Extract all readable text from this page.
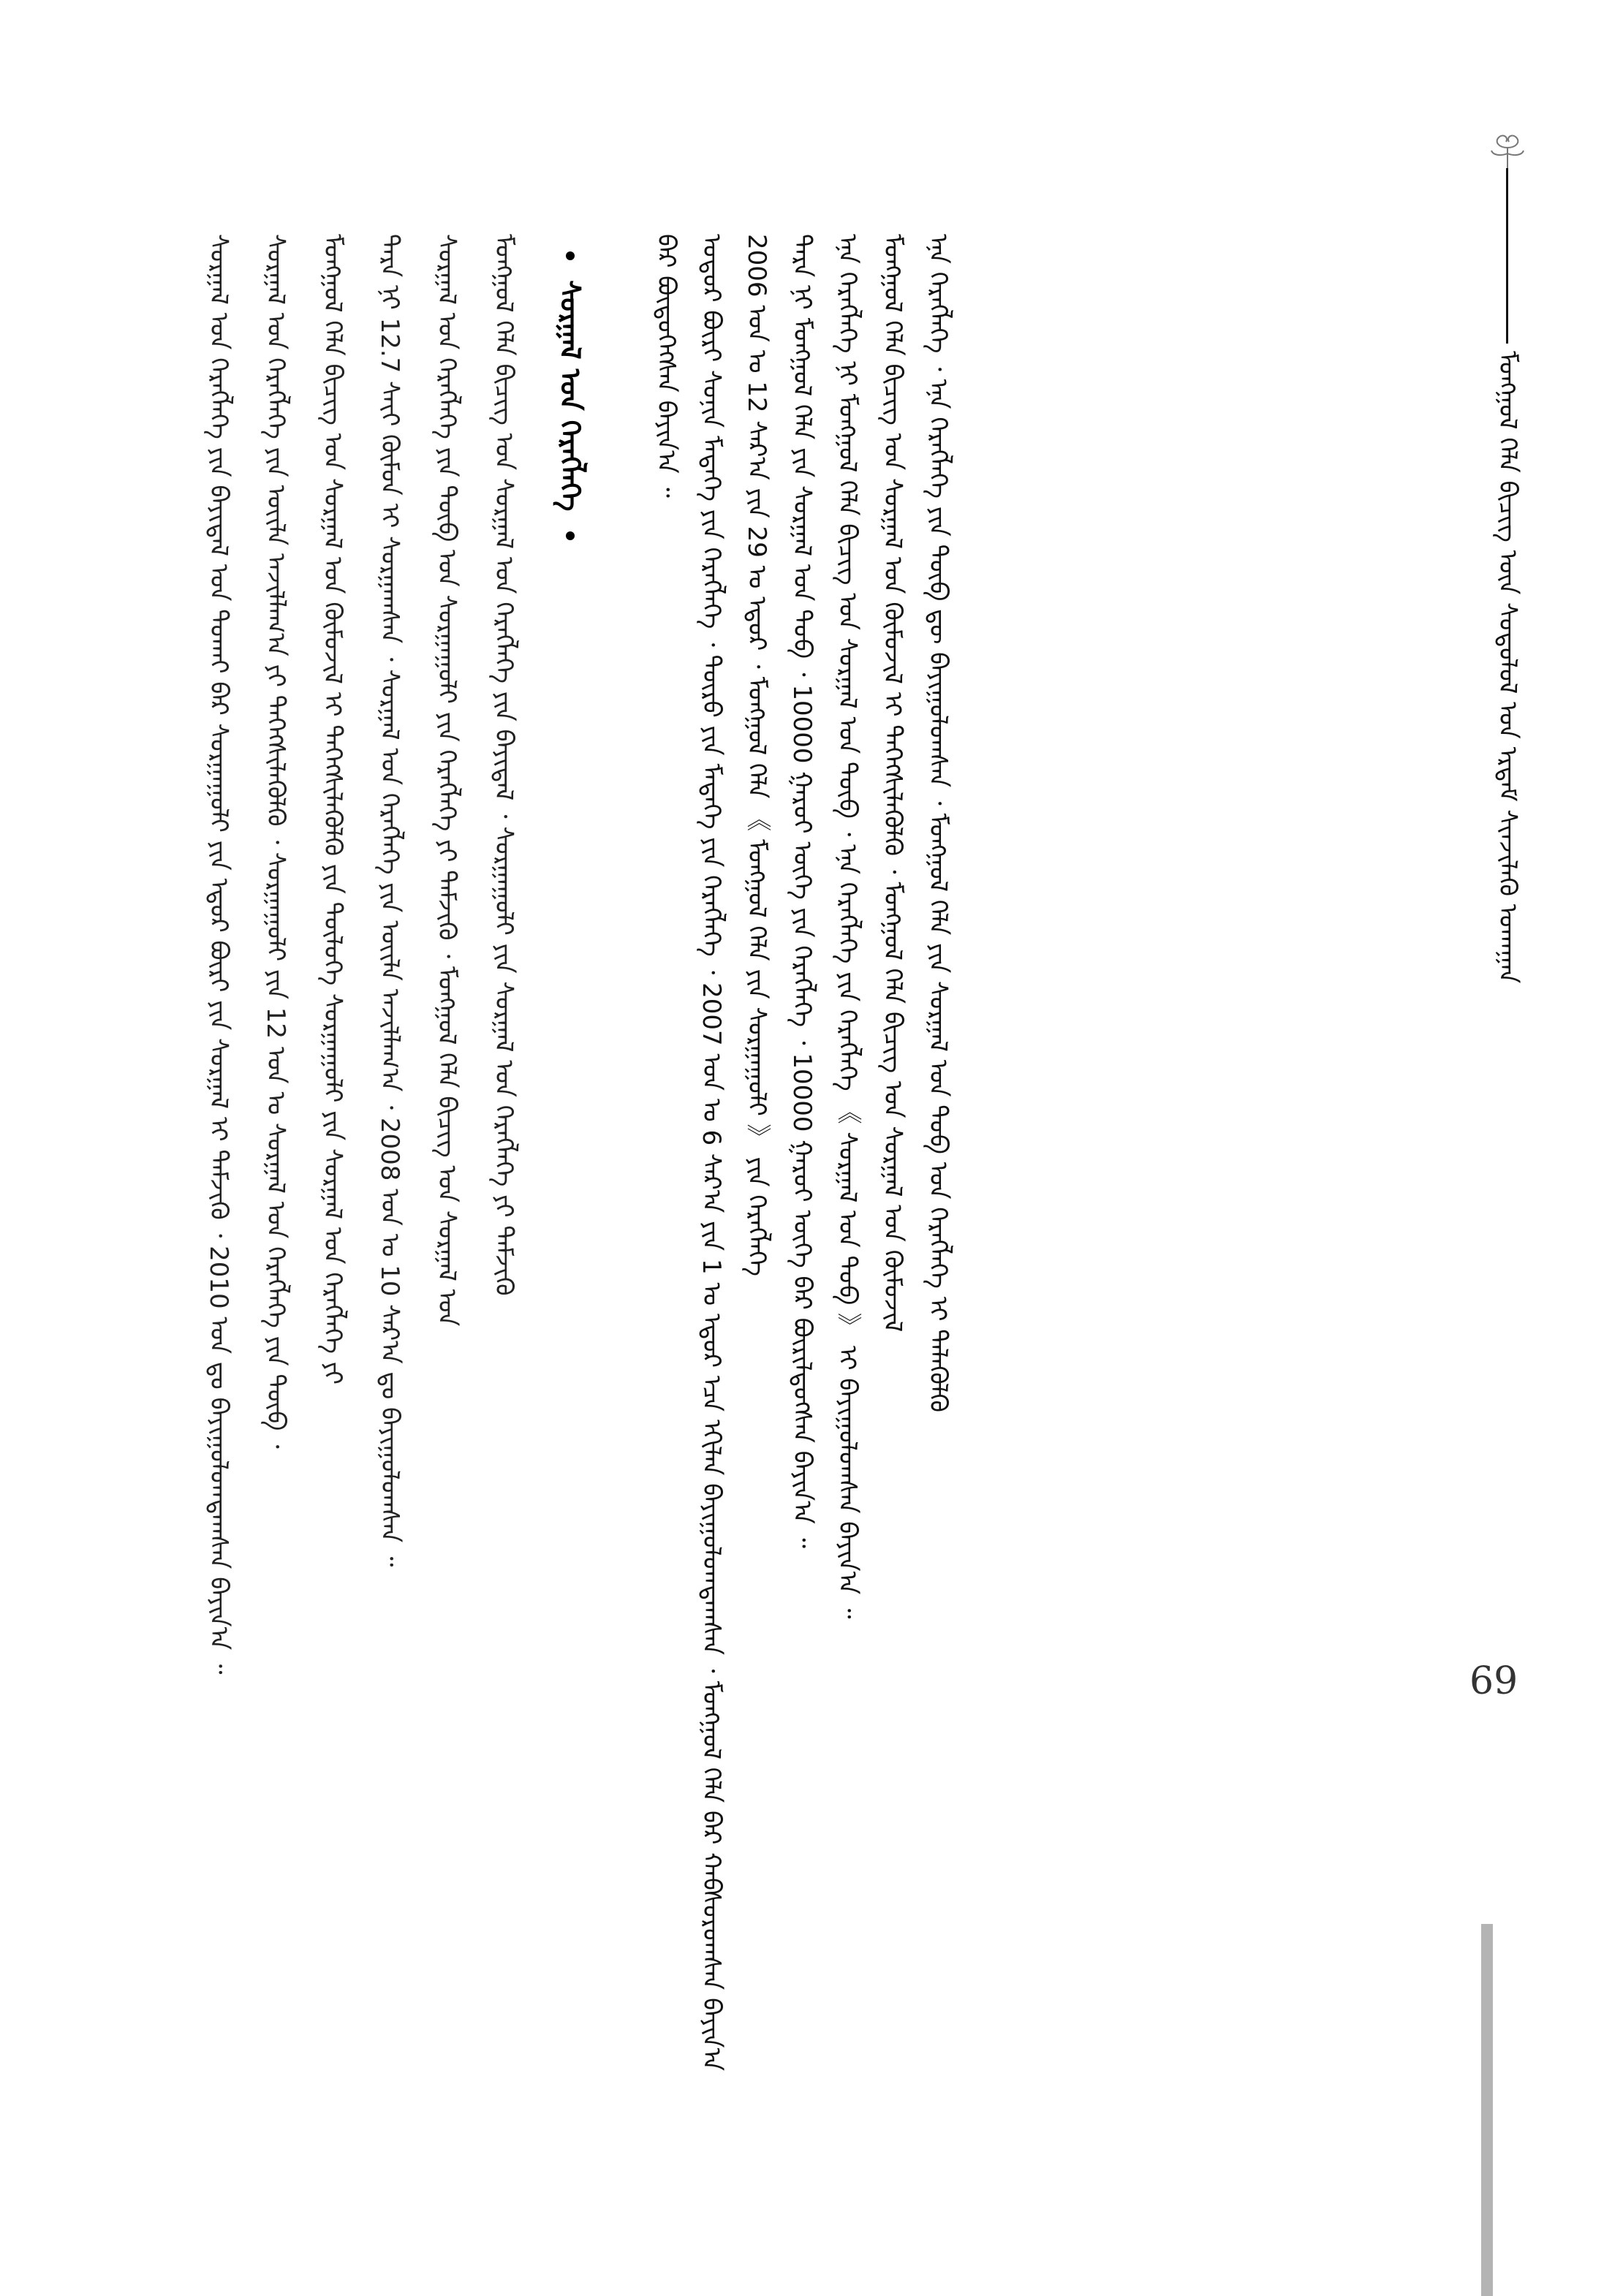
ᠮᠣᠩᠭᠣᠯ ᠬᠡᠯᠡ ᠪᠢᠴᠢᠭ ᠦᠨ ᠰᠤᠳᠤᠯᠤᠯ ᠤᠨ ᠡᠷᠳᠡᠮ ᠰᠢᠨᠵᠢᠯᠡᠬᠦ ᠤᠬᠠᠭᠠᠨ
ᠪᠠᠷ ᠪᠦᠲᠦᠭᠡᠭᠰᠡᠨ ᠪᠠᠶᠢᠨ᠎ᠠ ᠃ ᠤᠳᠤᠷ ᠪᠦᠷᠢ ᠰᠣᠨᠢᠨ ᠮᠡᠳᠡᠭᠡ ᠶᠢᠨ ᠬᠡᠷᠡᠭᠯᠡᠭᠡ ᠂ ᠲᠦᠷᠦ ᠶᠢᠨ ᠮᠡᠳᠡᠭᠡ ᠶᠢᠨ ᠬᠡᠷᠡᠭᠯᠡᠭᠡ ᠂ 2007 ᠣᠨ ᠤ 6 ᠰᠠᠷ᠎ᠠ ᠶᠢᠨ 1 ᠤ ᠡᠳᠦᠷ ᠡᠴᠡ ᠡᠬᠢᠯᠡᠨ ᠪᠠᠶᠢᠭᠤᠯᠤᠭᠳᠠᠭᠰᠠᠨ ᠂ ᠮᠣᠩᠭᠣᠯ ᠬᠡᠯᠡ ᠪᠡᠷ ᠬᠠᠪᠰᠤᠷᠤᠭᠰᠠᠨ ᠪᠠᠶᠢᠨ᠎ᠠ 2006 ᠣᠨ ᠤ 12 ᠰᠠᠷ᠎ᠠ ᠶᠢᠨ 29 ᠤ ᠡᠳᠦᠷ ᠂ ᠮᠣᠩᠭᠣᠯ ᠬᠡᠯᠡ 《 ᠮᠣᠩᠭᠣᠯ ᠬᠡᠯᠡ ᠶᠢᠨ ᠰᠤᠷᠭᠠᠭᠤᠯᠢ 》 ᠶᠢᠨ ᠬᠡᠷᠡᠭᠯᠡᠭᠡ ᠲᠡᠷᠡ ᠨᠢ ᠮᠣᠩᠭᠣᠯ ᠬᠡᠯᠡ ᠶᠢᠨ ᠰᠤᠷᠭᠠᠯ ᠤᠨ ᠲᠣᠪ ᠂ 10000 ᠭᠠᠷᠤᠢ ᠦᠭᠡ ᠶᠢᠨ ᠬᠡᠷᠡᠭᠯᠡᠭᠡ ᠂ 10000 ᠭᠠᠷᠤᠢ ᠦᠭᠡ ᠪᠠᠷ ᠪᠦᠷᠢᠯᠳᠦᠭᠰᠡᠨ ᠪᠠᠶᠢᠨ᠎ᠠ ᠃ ᠡᠨᠡ ᠬᠡᠷᠡᠭᠯᠡᠭᠡ ᠨᠢ ᠮᠣᠩᠭᠣᠯ ᠬᠡᠯᠡ ᠪᠢᠴᠢᠭ ᠤᠨ ᠰᠤᠷᠭᠠᠯ ᠤᠨ ᠲᠦᠪ ᠂ ᠡᠨᠡ ᠬᠡᠷᠡᠭᠯᠡᠭᠡ ᠶᠢᠨ ᠬᠡᠷᠡᠭᠯᠡᠭᠡ 《 ᠰᠤᠷᠭᠠᠯ ᠤᠨ ᠲᠣᠪ 》 ᠢ ᠪᠠᠶᠢᠭᠤᠯᠤᠭᠰᠠᠨ ᠪᠠᠶᠢᠨ᠎ᠠ ᠃ ᠮᠣᠩᠭᠣᠯ ᠬᠡᠯᠡ ᠪᠢᠴᠢᠭ ᠤᠨ ᠰᠤᠷᠭᠠᠯ ᠤᠨ ᠬᠦᠮᠦᠵᠢᠯ ᠢ ᠳᠡᠭᠡᠭᠰᠢᠯᠡᠭᠦᠯᠬᠦ ᠂ ᠮᠣᠩᠭᠣᠯ ᠬᠡᠯᠡ ᠪᠢᠴᠢᠭ ᠤᠨ ᠰᠤᠷᠭᠠᠯ ᠤᠨ ᠬᠦᠮᠦᠵᠢᠯ ᠡᠨᠡ ᠬᠡᠷᠡᠭᠯᠡᠭᠡ ᠂ ᠡᠨᠡ ᠬᠡᠷᠡᠭᠯᠡᠭᠡ ᠶᠢᠨ ᠲᠥᠪ ᠳᠦ ᠪᠠᠶᠢᠭᠤᠯᠤᠭᠰᠠᠨ ᠂ ᠮᠣᠩᠭᠣᠯ ᠬᠡᠯᠡ ᠶᠢᠨ ᠰᠤᠷᠭᠠᠯ ᠤᠨ ᠲᠣᠪ ᠤᠨ ᠬᠡᠷᠡᠭᠯᠡᠭᠡ ᠢ ᠲᠡᠯᠡᠭᠦᠯᠬᠦ
ᠰᠤᠷᠭᠠᠯ ᠤᠨ ᠬᠡᠷᠡᠭᠯᠡᠭᠡ
ᠰᠤᠷᠭᠠᠯ ᠤᠨ ᠬᠡᠷᠡᠭᠯᠡᠭᠡ ᠶᠢᠨ ᠪᠠᠶᠢᠳᠠᠯ ᠤᠨ ᠲᠤᠬᠠᠢ ᠪᠡᠷ ᠰᠤᠷᠭᠠᠭᠤᠯᠢ ᠶᠢᠨ ᠡᠳᠦᠷ ᠪᠦᠷᠢ ᠶᠢᠨ ᠰᠤᠷᠭᠠᠯ ᠢ ᠳᠡᠮᠵᠢᠬᠦ ᠂ 2010 ᠣᠨ ᠳᠤ ᠪᠠᠶᠢᠭᠤᠯᠤᠭᠳᠠᠭᠰᠠᠨ ᠪᠠᠶᠢᠨ᠎ᠠ ᠃	ᠰᠤᠷᠭᠠᠯ ᠤᠨ ᠬᠡᠷᠡᠭᠯᠡᠭᠡ ᠶᠢᠨ ᠦᠢᠯᠡ ᠠᠵᠢᠯᠯᠠᠭ᠎ᠠ ᠶᠢ ᠳᠡᠭᠡᠭᠰᠢᠯᠡᠭᠦᠯᠬᠦ ᠂ ᠰᠤᠷᠭᠠᠭᠤᠯᠢ ᠶᠢᠨ 12 ᠣᠨ ᠤ ᠰᠤᠷᠭᠠᠯ ᠤᠨ ᠬᠡᠷᠡᠭᠯᠡᠭᠡ ᠶᠢᠨ ᠲᠦᠪ ᠂	ᠮᠣᠩᠭᠣᠯ ᠬᠡᠯᠡ ᠪᠢᠴᠢᠭ ᠤᠨ ᠰᠤᠷᠭᠠᠯ ᠤᠨ ᠬᠦᠮᠦᠵᠢᠯ ᠢ ᠳᠡᠭᠡᠭᠰᠢᠯᠡᠭᠦᠯᠬᠦ ᠶᠢᠨ ᠲᠥᠯᠦᠭᠡ ᠰᠤᠷᠭᠠᠭᠤᠯᠢ ᠶᠢᠨ ᠰᠤᠷᠭᠠᠯ ᠤᠨ ᠬᠡᠷᠡᠭᠯᠡᠭᠡ ᠶᠢ	ᠲᠡᠷᠡ ᠨᠢ 12.7 ᠰᠠᠶ᠋ᠢ ᠬᠦᠮᠦᠨ ᠢ ᠰᠤᠷᠭᠠᠭᠰᠠᠨ ᠂ ᠰᠤᠷᠭᠠᠯ ᠤᠨ ᠬᠡᠷᠡᠭᠯᠡᠭᠡ ᠶᠢᠨ ᠦᠢᠯᠡ ᠠᠵᠢᠯᠯᠠᠭ᠎ᠠ ᠂ 2008 ᠣᠨ ᠤ 10 ᠰᠠᠷ᠎ᠠ ᠳᠤ ᠪᠠᠶᠢᠭᠤᠯᠤᠭᠰᠠᠨ ᠃	ᠰᠤᠷᠭᠠᠯ ᠤᠨ ᠬᠡᠷᠡᠭᠯᠡᠭᠡ ᠶᠢᠨ ᠲᠦᠪ ᠤᠨ ᠰᠤᠷᠭᠠᠭᠤᠯᠢ ᠶᠢᠨ ᠬᠡᠷᠡᠭᠯᠡᠭᠡ ᠶᠢ ᠳᠡᠮᠵᠢᠬᠦ ᠂ ᠮᠣᠩᠭᠣᠯ ᠬᠡᠯᠡ ᠪᠢᠴᠢᠭ ᠤᠨ ᠰᠤᠷᠭᠠᠯ ᠤᠨ	ᠮᠣᠩᠭᠣᠯ ᠬᠡᠯᠡ ᠪᠢᠴᠢᠭ ᠤᠨ ᠰᠤᠷᠭᠠᠯ ᠤᠨ ᠬᠡᠷᠡᠭᠯᠡᠭᠡ ᠶᠢᠨ ᠪᠠᠶᠢᠳᠠᠯ ᠂ ᠰᠤᠷᠭᠠᠭᠤᠯᠢ ᠶᠢᠨ ᠰᠤᠷᠭᠠᠯ ᠤᠨ ᠬᠡᠷᠡᠭᠯᠡᠭᠡ ᠶᠢ ᠳᠡᠮᠵᠢᠬᠦ
69
